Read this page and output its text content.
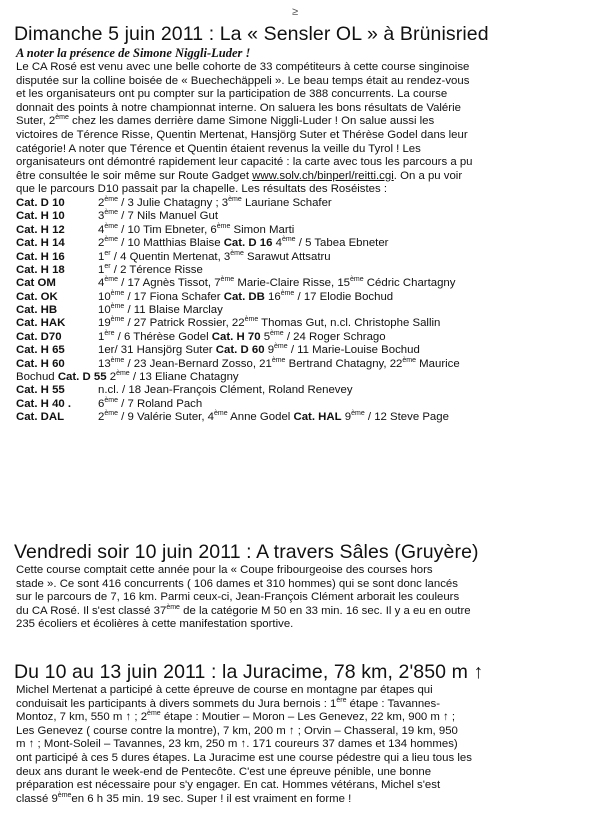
≥
Dimanche 5 juin 2011 : La « Sensler OL » à Brünisried
A noter la présence de Simone Niggli-Luder !

Le CA Rosé est venu avec une belle cohorte de 33 compétiteurs à cette course singinoise
disputée sur la colline boisée de « Buechechäppeli ». Le beau temps était au rendez-vous
et les organisateurs ont pu compter sur la participation de 388 concurrents. La course
donnait des points à notre championnat interne. On saluera les bons résultats de Valérie
Suter, 2ème chez les dames derrière dame Simone Niggli-Luder ! On salue aussi les
victoires de Térence Risse, Quentin Mertenat, Hansjörg Suter et Thérèse Godel dans leur
catégorie! A noter que Térence et Quentin étaient revenus la veille du Tyrol ! Les
organisateurs ont démontré rapidement leur capacité : la carte avec tous les parcours a pu
être consultée le soir même sur Route Gadget www.solv.ch/binperl/reitti.cgi. On a pu voir
que le parcours D10 passait par la chapelle. Les résultats des Roséistes :

Cat. D 10	2ème / 3 Julie Chatagny ; 3ème Lauriane Schafer
Cat. H 10	3ème / 7 Nils Manuel Gut
Cat. H 12	4ème / 10 Tim Ebneter, 6ème Simon Marti
Cat. H 14	2ème / 10 Matthias Blaise Cat. D 16 4ème / 5 Tabea Ebneter
Cat. H 16	1er / 4 Quentin Mertenat, 3ème Sarawut Attsatru
Cat. H 18	1er / 2 Térence Risse
Cat OM	4ème / 17 Agnès Tissot, 7ème Marie-Claire Risse, 15ème Cédric Chartagny
Cat. OK	10ème / 17 Fiona Schafer Cat. DB 16ème / 17 Elodie Bochud
Cat. HB	10ème / 11 Blaise Marclay
Cat. HAK	19ème / 27 Patrick Rossier, 22ème Thomas Gut, n.cl. Christophe Sallin
Cat. D70	1ère / 6 Thérèse Godel Cat. H 70 5ème / 24 Roger Schrago
Cat. H 65	1er/ 31 Hansjörg Suter Cat. D 60 9ème / 11 Marie-Louise Bochud
Cat. H 60	13ème / 23 Jean-Bernard Zosso, 21ème Bertrand Chatagny, 22ème Maurice
Bochud Cat. D 55 2ème / 13 Eliane Chatagny
Cat. H 55	n.cl. / 18 Jean-François Clément, Roland Renevey
Cat. H 40 . 6ème / 7 Roland Pach
Cat. DAL	2ème / 9 Valérie Suter, 4ème Anne Godel Cat. HAL 9ème / 12 Steve Page
Vendredi soir 10 juin 2011 : A travers Sâles (Gruyère)

Cette course comptait cette année pour la « Coupe fribourgeoise des courses hors
stade ». Ce sont 416 concurrents ( 106 dames et 310 hommes) qui se sont donc lancés
sur le parcours de 7, 16 km. Parmi ceux-ci, Jean-François Clément arborait les couleurs
du CA Rosé. Il s'est classé 37ème de la catégorie M 50 en 33 min. 16 sec. Il y a eu en outre
235 écoliers et écolières à cette manifestation sportive.

Du 10 au 13 juin 2011 : la Juracime, 78 km, 2'850 m ↑

Michel Mertenat a participé à cette épreuve de course en montagne par étapes qui
conduisait les participants à divers sommets du Jura bernois : 1ère étape : Tavannes-
Montoz, 7 km, 550 m ↑ ; 2ème étape : Moutier – Moron – Les Genevez, 22 km, 900 m ↑ ;
Les Genevez ( course contre la montre), 7 km, 200 m ↑ ; Orvin – Chasseral, 19 km, 950
m ↑ ; Mont-Soleil – Tavannes, 23 km, 250 m ↑. 171 coureurs 37 dames et 134 hommes)
ont participé à ces 5 dures étapes. La Juracime est une course pédestre qui a lieu tous les
deux ans durant le week-end de Pentecôte. C'est une épreuve pénible, une bonne
préparation est nécessaire pour s'y engager. En cat. Hommes vétérans, Michel s'est
classé 9èmeen 6 h 35 min. 19 sec. Super ! il est vraiment en forme !
